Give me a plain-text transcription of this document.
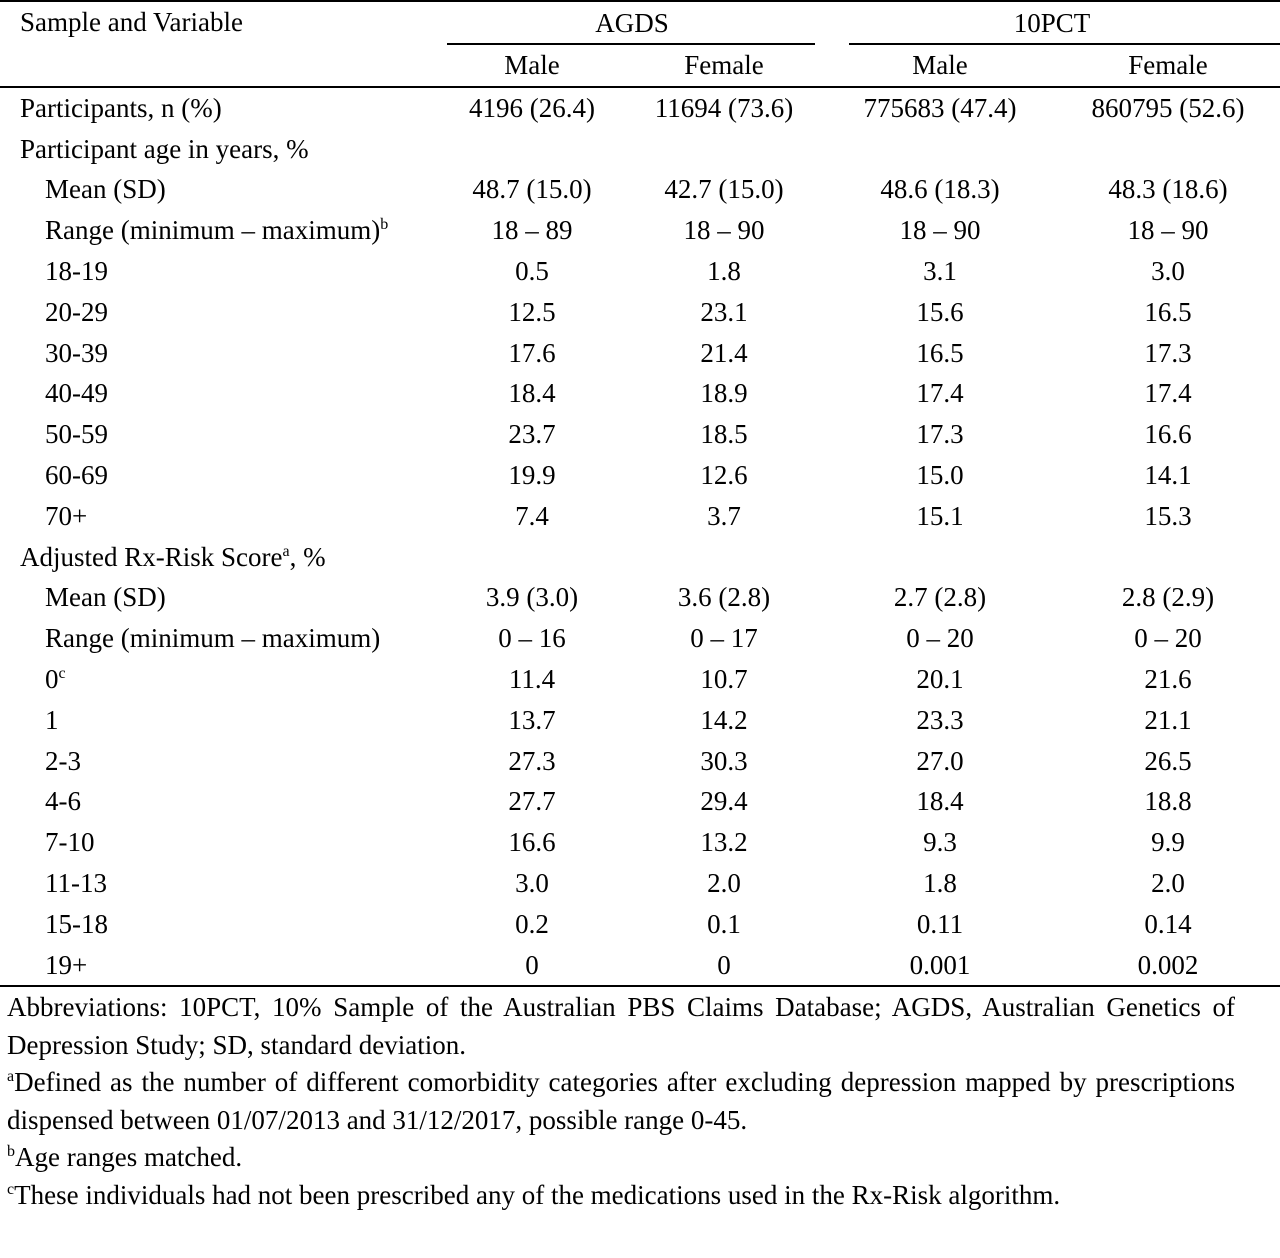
Sample and Variable	AGDS		10PCT	

	Male	Female	Male	Female
Participants, n (%)	4196 (26.4)	11694 (73.6)	775683 (47.4)	860795 (52.6)
Participant age in years, %				
Mean (SD)	48.7 (15.0)	42.7 (15.0)	48.6 (18.3)	48.3 (18.6)
Range (minimum – maximum)$^b$	18 – 89	18 – 90	18 – 90	18 – 90
18-19	0.5	1.8	3.1	3.0
20-29	12.5	23.1	15.6	16.5
30-39	17.6	21.4	16.5	17.3
40-49	18.4	18.9	17.4	17.4
50-59	23.7	18.5	17.3	16.6
60-69	19.9	12.6	15.0	14.1
70+	7.4	3.7	15.1	15.3
Adjusted Rx-Risk Score$^a$, %				
Mean (SD)	3.9 (3.0)	3.6 (2.8)	2.7 (2.8)	2.8 (2.9)
Range (minimum – maximum)	0 – 16	0 – 17	0 – 20	0 – 20
0$^c$	11.4	10.7	20.1	21.6
1	13.7	14.2	23.3	21.1
2-3	27.3	30.3	27.0	26.5
4-6	27.7	29.4	18.4	18.8
7-10	16.6	13.2	9.3	9.9
11-13	3.0	2.0	1.8	2.0
15-18	0.2	0.1	0.11	0.14
19+	0	0	0.001	0.002

Abbreviations: 10PCT, 10% Sample of the Australian PBS Claims Database; AGDS, Australian Genetics of Depression Study; SD, standard deviation.

$^a$Defined as the number of different comorbidity categories after excluding depression mapped by prescriptions dispensed between 01/07/2013 and 31/12/2017, possible range 0-45.

$^b$Age ranges matched.

$^c$These individuals had not been prescribed any of the medications used in the Rx-Risk algorithm.
